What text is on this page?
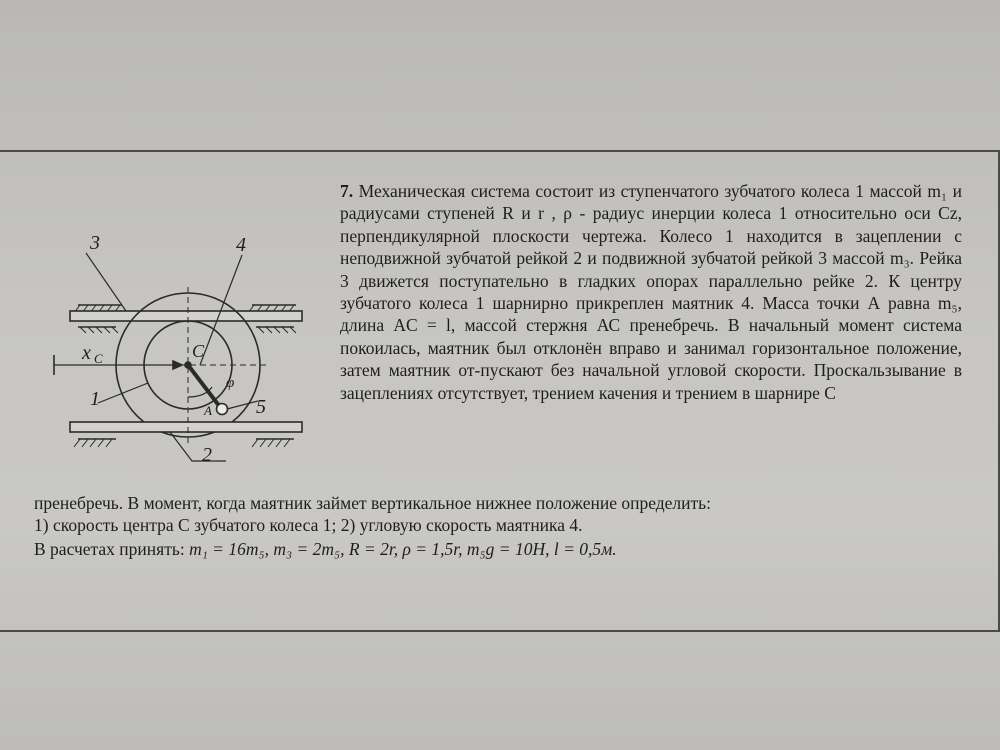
3	4
1
2
5
x C	C
A
φ
7. Механическая система состоит из ступенчатого зубчатого колеса 1 массой m₁ и радиусами ступеней R и r , ρ - радиус инерции колеса 1 относительно оси Cz, перпендикулярной плоскости чертежа. Колесо 1 находится в зацеплении с неподвижной зубчатой рейкой 2 и подвижной зубчатой рейкой 3 массой m₃. Рейка 3 движется поступательно в гладких опорах параллельно рейке 2. К центру зубчатого колеса 1 шарнирно прикреплен маятник 4. Масса точки А равна m₅, длина AC = l, массой стержня АС пренебречь. В начальный момент система покоилась, маятник был отклонён вправо и занимал горизонтальное положение, затем маятник от-пускают без начальной угловой скорости. Проскальзывание в зацеплениях отсутствует, трением качения и трением в шарнире С
пренебречь. В момент, когда маятник займет вертикальное нижнее положение определить:
1) скорость центра С зубчатого колеса 1; 2) угловую скорость маятника 4.
В расчетах принять: m₁ = 16m₅, m₃ = 2m₅, R = 2r, ρ = 1,5r, m₅g = 10H, l = 0,5м.
